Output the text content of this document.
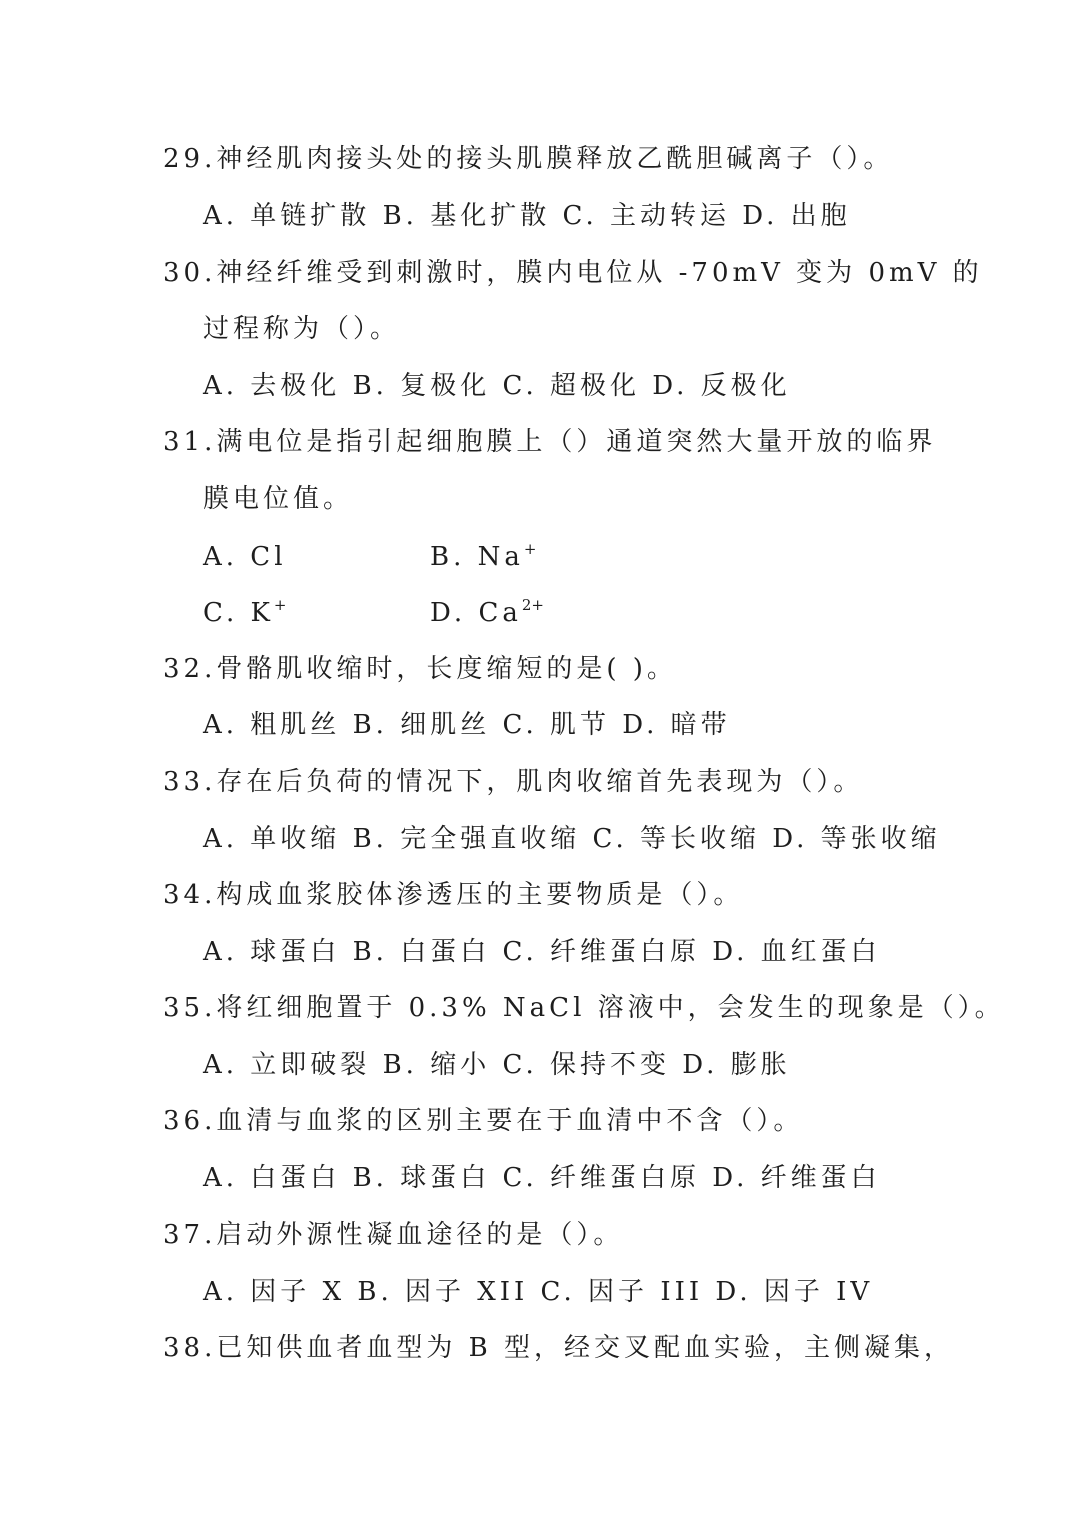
29.神经肌肉接头处的接头肌膜释放乙酰胆碱离子（）。
A. 单链扩散 B. 基化扩散 C. 主动转运 D. 出胞
30.神经纤维受到刺激时，膜内电位从 -70mV 变为 0mV 的
过程称为（）。
A. 去极化 B. 复极化 C. 超极化 D. 反极化
31.满电位是指引起细胞膜上（）通道突然大量开放的临界
膜电位值。
A. Cl	B. Na+
C. K+	D. $Ca^{2+}$
32.骨骼肌收缩时，长度缩短的是( )。
A. 粗肌丝 B. 细肌丝 C. 肌节 D. 暗带
33.存在后负荷的情况下，肌肉收缩首先表现为（）。
A. 单收缩 B. 完全强直收缩 C. 等长收缩 D. 等张收缩
34.构成血浆胶体渗透压的主要物质是（）。
A. 球蛋白 B. 白蛋白 C. 纤维蛋白原 D. 血红蛋白
35.将红细胞置于 0.3% NaCl 溶液中，会发生的现象是（）。
A. 立即破裂 B. 缩小 C. 保持不变 D. 膨胀
36.血清与血浆的区别主要在于血清中不含（）。
A. 白蛋白 B. 球蛋白 C. 纤维蛋白原 D. 纤维蛋白
37.启动外源性凝血途径的是（）。
A. 因子 X B. 因子 XII C. 因子 III D. 因子 IV
38.已知供血者血型为 B 型，经交叉配血实验，主侧凝集，
